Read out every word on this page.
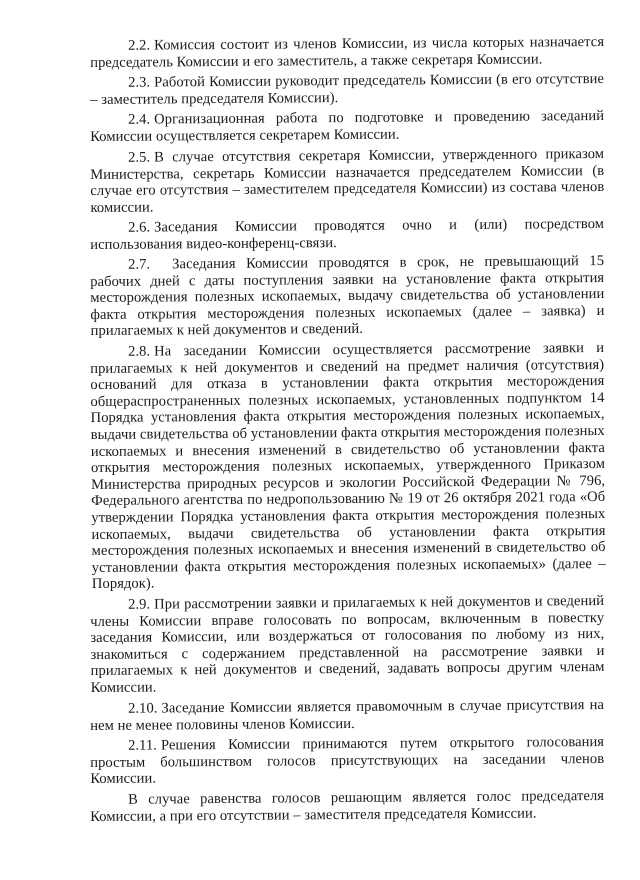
2.2. Комиссия состоит из членов Комиссии, из числа которых назначается председатель Комиссии и его заместитель, а также секретаря Комиссии.

2.3. Работой Комиссии руководит председатель Комиссии (в его отсутствие – заместитель председателя Комиссии).

2.4. Организационная работа по подготовке и проведению заседаний Комиссии осуществляется секретарем Комиссии.

2.5. В случае отсутствия секретаря Комиссии, утвержденного приказом Министерства, секретарь Комиссии назначается председателем Комиссии (в случае его отсутствия – заместителем председателя Комиссии) из состава членов комиссии.

2.6. Заседания Комиссии проводятся очно и (или) посредством использования видео-конференц-связи.

2.7. Заседания Комиссии проводятся в срок, не превышающий 15 рабочих дней с даты поступления заявки на установление факта открытия месторождения полезных ископаемых, выдачу свидетельства об установлении факта открытия месторождения полезных ископаемых (далее – заявка) и прилагаемых к ней документов и сведений.

2.8. На заседании Комиссии осуществляется рассмотрение заявки и прилагаемых к ней документов и сведений на предмет наличия (отсутствия) оснований для отказа в установлении факта открытия месторождения общераспространенных полезных ископаемых, установленных подпунктом 14 Порядка установления факта открытия месторождения полезных ископаемых, выдачи свидетельства об установлении факта открытия месторождения полезных ископаемых и внесения изменений в свидетельство об установлении факта открытия месторождения полезных ископаемых, утвержденного Приказом Министерства природных ресурсов и экологии Российской Федерации № 796, Федерального агентства по недропользованию № 19 от 26 октября 2021 года «Об утверждении Порядка установления факта открытия месторождения полезных ископаемых, выдачи свидетельства об установлении факта открытия месторождения полезных ископаемых и внесения изменений в свидетельство об установлении факта открытия месторождения полезных ископаемых» (далее – Порядок).

2.9. При рассмотрении заявки и прилагаемых к ней документов и сведений члены Комиссии вправе голосовать по вопросам, включенным в повестку заседания Комиссии, или воздержаться от голосования по любому из них, знакомиться с содержанием представленной на рассмотрение заявки и прилагаемых к ней документов и сведений, задавать вопросы другим членам Комиссии.

2.10. Заседание Комиссии является правомочным в случае присутствия на нем не менее половины членов Комиссии.

2.11. Решения Комиссии принимаются путем открытого голосования простым большинством голосов присутствующих на заседании членов Комиссии.

В случае равенства голосов решающим является голос председателя Комиссии, а при его отсутствии – заместителя председателя Комиссии.
